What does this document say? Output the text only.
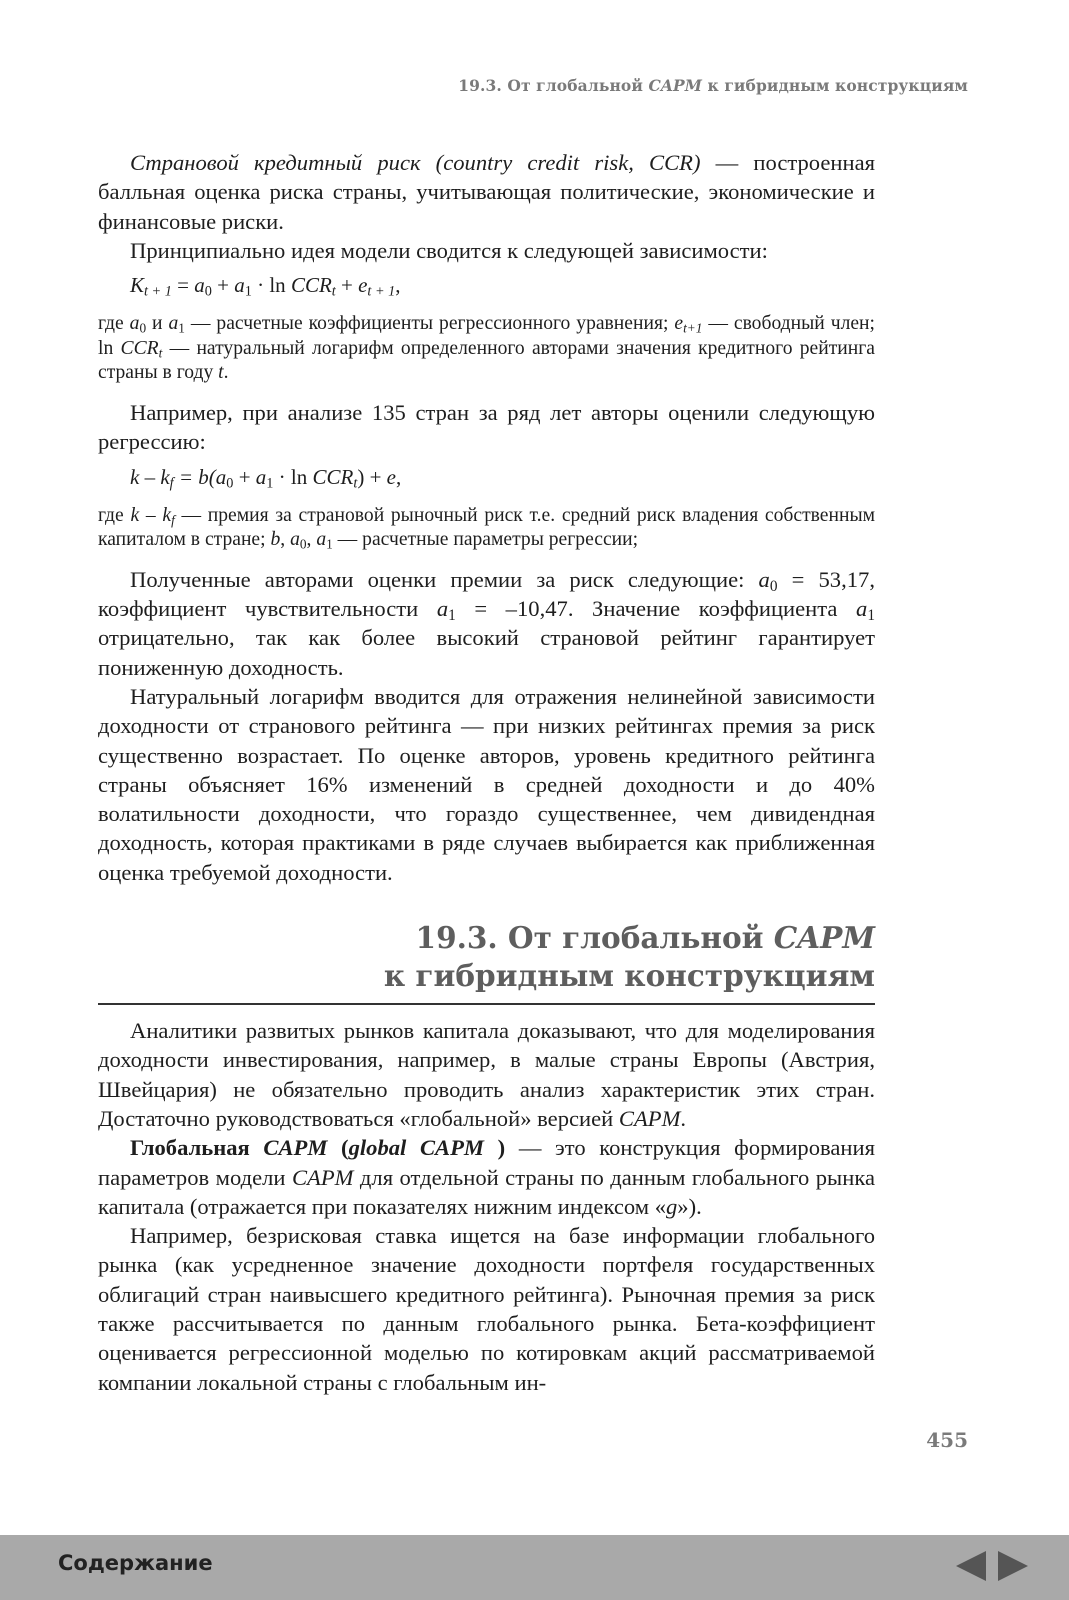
19.3. От глобальной CAPM к гибридным конструкциям

Страновой кредитный риск (country credit risk, CCR) — построенная балльная оценка риска страны, учитывающая политические, экономические и финансовые риски.

Принципиально идея модели сводится к следующей зависимости:

$K_{t + 1} = a_0 + a_1 \cdot \ln CCR_t + e_{t + 1}$,
где $a_0$ и $a_1$ — расчетные коэффициенты регрессионного уравнения; $e_{t+1}$ — свободный член; $\ln CCR_t$ — натуральный логарифм определенного авторами значения кредитного рейтинга страны в году t.

Например, при анализе 135 стран за ряд лет авторы оценили следующую регрессию:

$k - k_f = b(a_0 + a_1 \cdot \ln CCR_t) + e$,
где k – $k_f$ — премия за страновой рыночный риск т.е. средний риск владения собственным капиталом в стране; b, $a_0$, $a_1$ — расчетные параметры регрессии;

Полученные авторами оценки премии за риск следующие: $a_0 = 53,17$, коэффициент чувствительности $a_1 = -10,47$. Значение коэффициента $a_1$ отрицательно, так как более высокий страновой рейтинг гарантирует пониженную доходность.

Натуральный логарифм вводится для отражения нелинейной зависимости доходности от странового рейтинга — при низких рейтингах премия за риск существенно возрастает. По оценке авторов, уровень кредитного рейтинга страны объясняет 16% изменений в средней доходности и до 40% волатильности доходности, что гораздо существеннее, чем дивидендная доходность, которая практиками в ряде случаев выбирается как приближенная оценка требуемой доходности.

19.3. От глобальной CAPM
к гибридным конструкциям

Аналитики развитых рынков капитала доказывают, что для моделирования доходности инвестирования, например, в малые страны Европы (Австрия, Швейцария) не обязательно проводить анализ характеристик этих стран. Достаточно руководствоваться «глобальной» версией CAPM.

Глобальная CAPM (global CAPM ) — это конструкция формирования параметров модели CAPM для отдельной страны по данным глобального рынка капитала (отражается при показателях нижним индексом «g»).

Например, безрисковая ставка ищется на базе информации глобального рынка (как усредненное значение доходности портфеля государственных облигаций стран наивысшего кредитного рейтинга). Рыночная премия за риск также рассчитывается по данным глобального рынка. Бета-коэффициент оценивается регрессионной моделью по котировкам акций рассматриваемой компании локальной страны с глобальным ин-

455
Содержание
